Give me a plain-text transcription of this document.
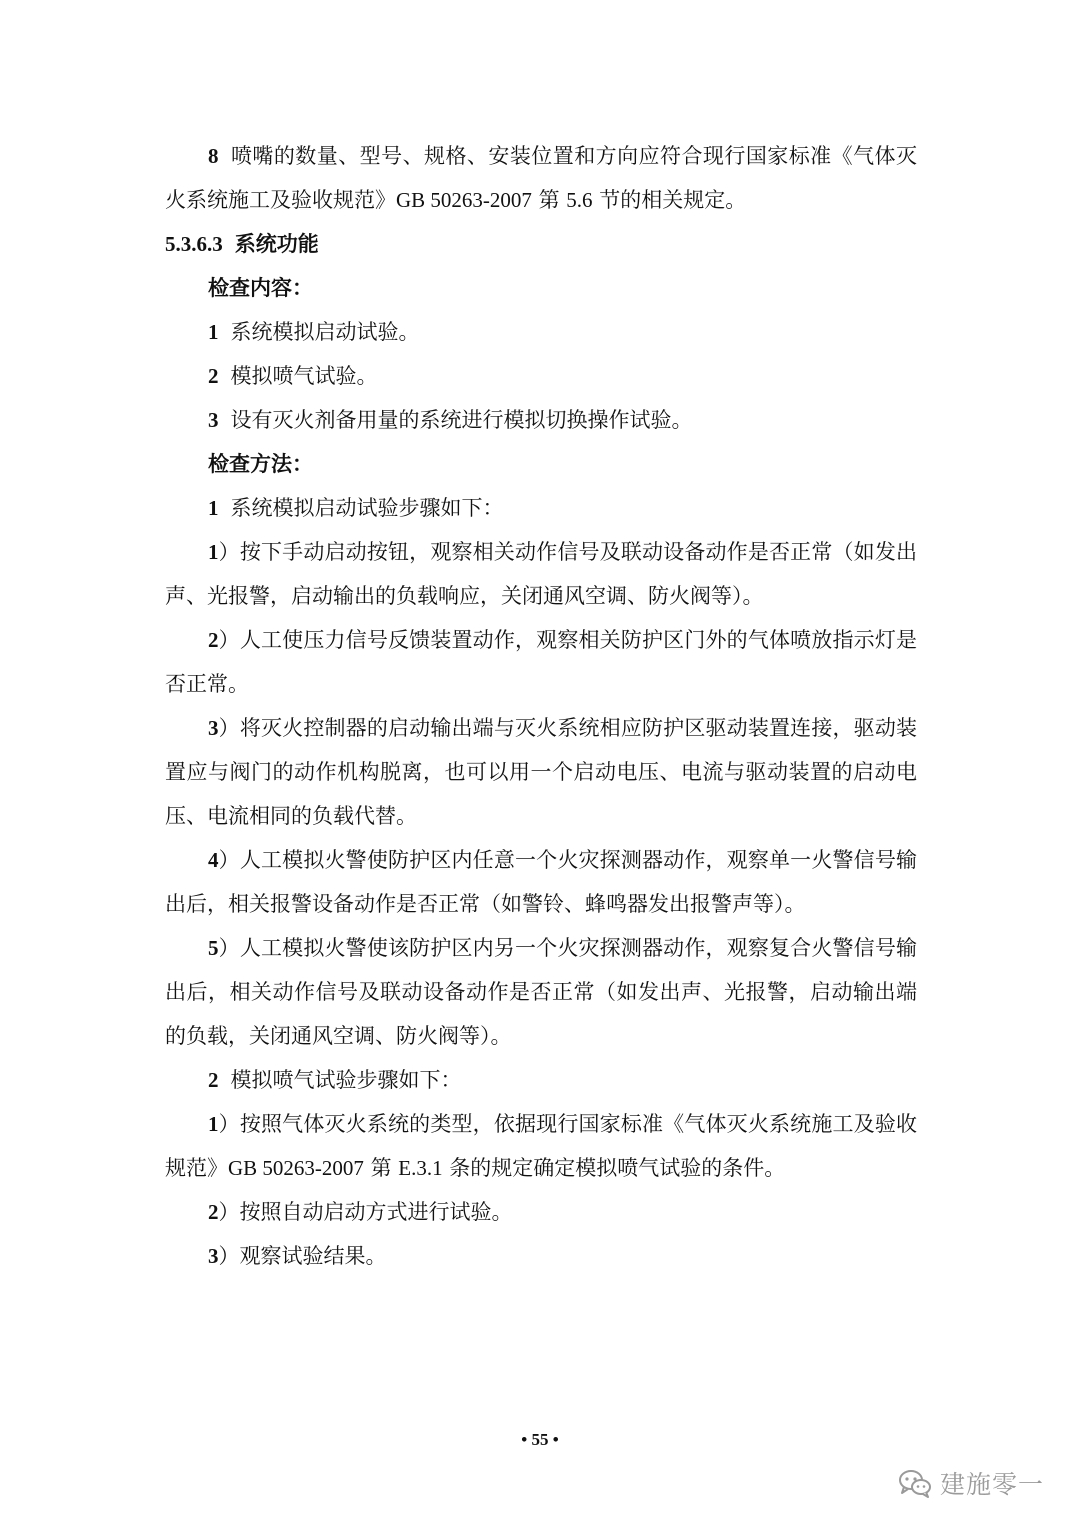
8 喷嘴的数量、型号、规格、安装位置和方向应符合现行国家标准《气体灭火系统施工及验收规范》GB 50263-2007 第 5.6 节的相关规定。

5.3.6.3 系统功能

检查内容：

1 系统模拟启动试验。

2 模拟喷气试验。

3 设有灭火剂备用量的系统进行模拟切换操作试验。

检查方法：

1 系统模拟启动试验步骤如下：

1）按下手动启动按钮，观察相关动作信号及联动设备动作是否正常（如发出声、光报警，启动输出的负载响应，关闭通风空调、防火阀等）。

2）人工使压力信号反馈装置动作，观察相关防护区门外的气体喷放指示灯是否正常。

3）将灭火控制器的启动输出端与灭火系统相应防护区驱动装置连接，驱动装置应与阀门的动作机构脱离，也可以用一个启动电压、电流与驱动装置的启动电压、电流相同的负载代替。

4）人工模拟火警使防护区内任意一个火灾探测器动作，观察单一火警信号输出后，相关报警设备动作是否正常（如警铃、蜂鸣器发出报警声等）。

5）人工模拟火警使该防护区内另一个火灾探测器动作，观察复合火警信号输出后，相关动作信号及联动设备动作是否正常（如发出声、光报警，启动输出端的负载，关闭通风空调、防火阀等）。

2 模拟喷气试验步骤如下：

1）按照气体灭火系统的类型，依据现行国家标准《气体灭火系统施工及验收规范》GB 50263-2007 第 E.3.1 条的规定确定模拟喷气试验的条件。

2）按照自动启动方式进行试验。

3）观察试验结果。

• 55 •
建施零一
